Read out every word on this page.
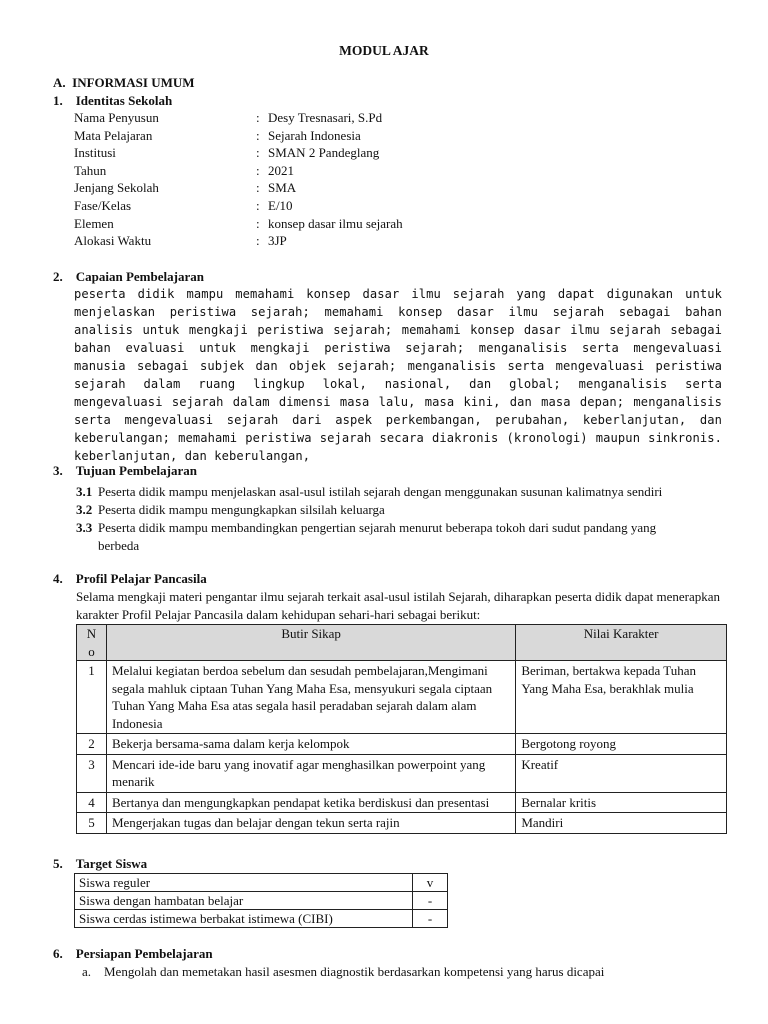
MODUL AJAR
A. INFORMASI UMUM
1. Identitas Sekolah
Nama Penyusun	: Desy Tresnasari, S.Pd
Mata Pelajaran	: Sejarah Indonesia
Institusi	: SMAN 2 Pandeglang
Tahun	: 2021
Jenjang Sekolah	: SMA
Fase/Kelas	: E/10
Elemen	: konsep dasar ilmu sejarah
Alokasi Waktu	: 3JP
2. Capaian Pembelajaran
peserta didik mampu memahami konsep dasar ilmu sejarah yang dapat digunakan untuk menjelaskan peristiwa sejarah; memahami konsep dasar ilmu sejarah sebagai bahan analisis untuk mengkaji peristiwa sejarah; memahami konsep dasar ilmu sejarah sebagai bahan evaluasi untuk mengkaji peristiwa sejarah; menganalisis serta mengevaluasi manusia sebagai subjek dan objek sejarah; menganalisis serta mengevaluasi peristiwa sejarah dalam ruang lingkup lokal, nasional, dan global; menganalisis serta mengevaluasi sejarah dalam dimensi masa lalu, masa kini, dan masa depan; menganalisis serta mengevaluasi sejarah dari aspek perkembangan, perubahan, keberlanjutan, dan keberulangan; memahami peristiwa sejarah secara diakronis (kronologi) maupun sinkronis. keberlanjutan, dan keberulangan,
3. Tujuan Pembelajaran
3.1 Peserta didik mampu menjelaskan asal-usul istilah sejarah dengan menggunakan susunan kalimatnya sendiri
3.2 Peserta didik mampu mengungkapkan silsilah keluarga
3.3 Peserta didik mampu membandingkan pengertian sejarah menurut beberapa tokoh dari sudut pandang yang
berbeda
4. Profil Pelajar Pancasila
Selama mengkaji materi pengantar ilmu sejarah terkait asal-usul istilah Sejarah, diharapkan peserta didik dapat menerapkan karakter Profil Pelajar Pancasila dalam kehidupan sehari-hari sebagai berikut:
N
o	Butir Sikap	Nilai Karakter
1	Melalui kegiatan berdoa sebelum dan sesudah pembelajaran,Mengimani segala mahluk ciptaan Tuhan Yang Maha Esa, mensyukuri segala ciptaan Tuhan Yang Maha Esa atas segala hasil peradaban sejarah dalam alam Indonesia	Beriman, bertakwa kepada Tuhan Yang Maha Esa, berakhlak mulia
2	Bekerja bersama-sama dalam kerja kelompok	Bergotong royong
3	Mencari ide-ide baru yang inovatif agar menghasilkan powerpoint yang menarik	Kreatif
4	Bertanya dan mengungkapkan pendapat ketika berdiskusi dan presentasi	Bernalar kritis
5	Mengerjakan tugas dan belajar dengan tekun serta rajin	Mandiri
5. Target Siswa
Siswa reguler	v
Siswa dengan hambatan belajar	-
Siswa cerdas istimewa berbakat istimewa (CIBI)	-
6. Persiapan Pembelajaran
a. Mengolah dan memetakan hasil asesmen diagnostik berdasarkan kompetensi yang harus dicapai
